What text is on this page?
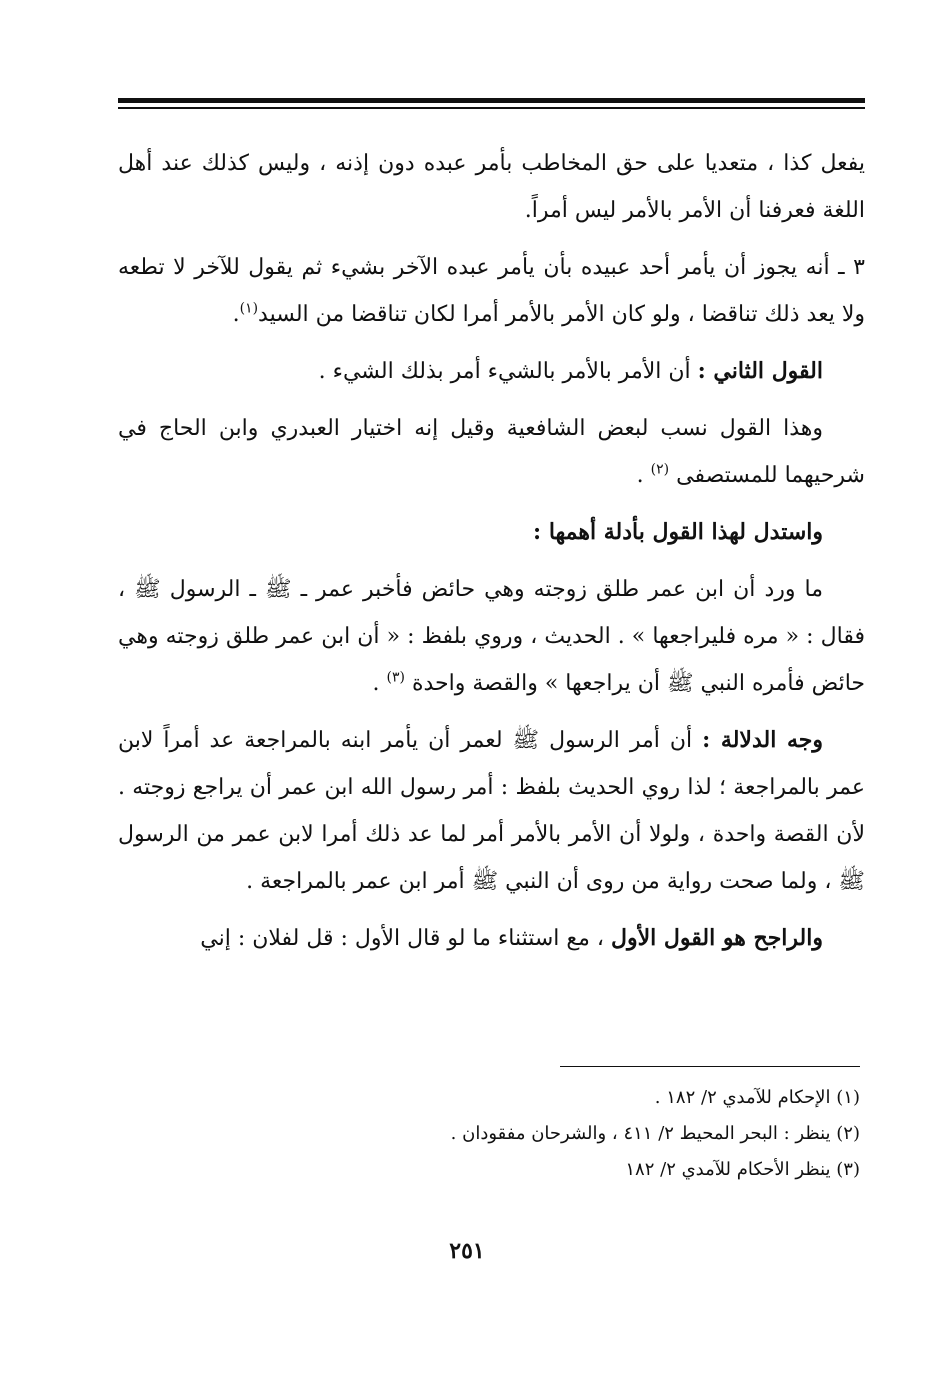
يفعل كذا ، متعديا على حق المخاطب بأمر عبده دون إذنه ، وليس كذلك عند أهل اللغة فعرفنا أن الأمر بالأمر ليس أمراً.

٣ ـ أنه يجوز أن يأمر أحد عبيده بأن يأمر عبده الآخر بشيء ثم يقول للآخر لا تطعه ولا يعد ذلك تناقضا ، ولو كان الأمر بالأمر أمرا لكان تناقضا من السيد$^{(١)}$.

القول الثاني : أن الأمر بالأمر بالشيء أمر بذلك الشيء .

وهذا القول نسب لبعض الشافعية وقيل إنه اختيار العبدري وابن الحاج في شرحيهما للمستصفى $^{(٢)}$ .

واستدل لهذا القول بأدلة أهمها :

ما ورد أن ابن عمر طلق زوجته وهي حائض فأخبر عمر ـ ﷺ ـ الرسول ﷺ ، فقال : « مره فليراجعها » . الحديث ، وروي بلفظ : « أن ابن عمر طلق زوجته وهي حائض فأمره النبي ﷺ أن يراجعها » والقصة واحدة $^{(٣)}$ .

وجه الدلالة : أن أمر الرسول ﷺ لعمر أن يأمر ابنه بالمراجعة عد أمراً لابن عمر بالمراجعة ؛ لذا روي الحديث بلفظ : أمر رسول الله ابن عمر أن يراجع زوجته . لأن القصة واحدة ، ولولا أن الأمر بالأمر أمر لما عد ذلك أمرا لابن عمر من الرسول ﷺ ، ولما صحت رواية من روى أن النبي ﷺ أمر ابن عمر بالمراجعة .

والراجح هو القول الأول ، مع استثناء ما لو قال الأول : قل لفلان : إني

(١) الإحكام للآمدي ٢/ ١٨٢ .

(٢) ينظر : البحر المحيط ٢/ ٤١١ ، والشرحان مفقودان .

(٣) ينظر الأحكام للآمدي ٢/ ١٨٢

٢٥١
